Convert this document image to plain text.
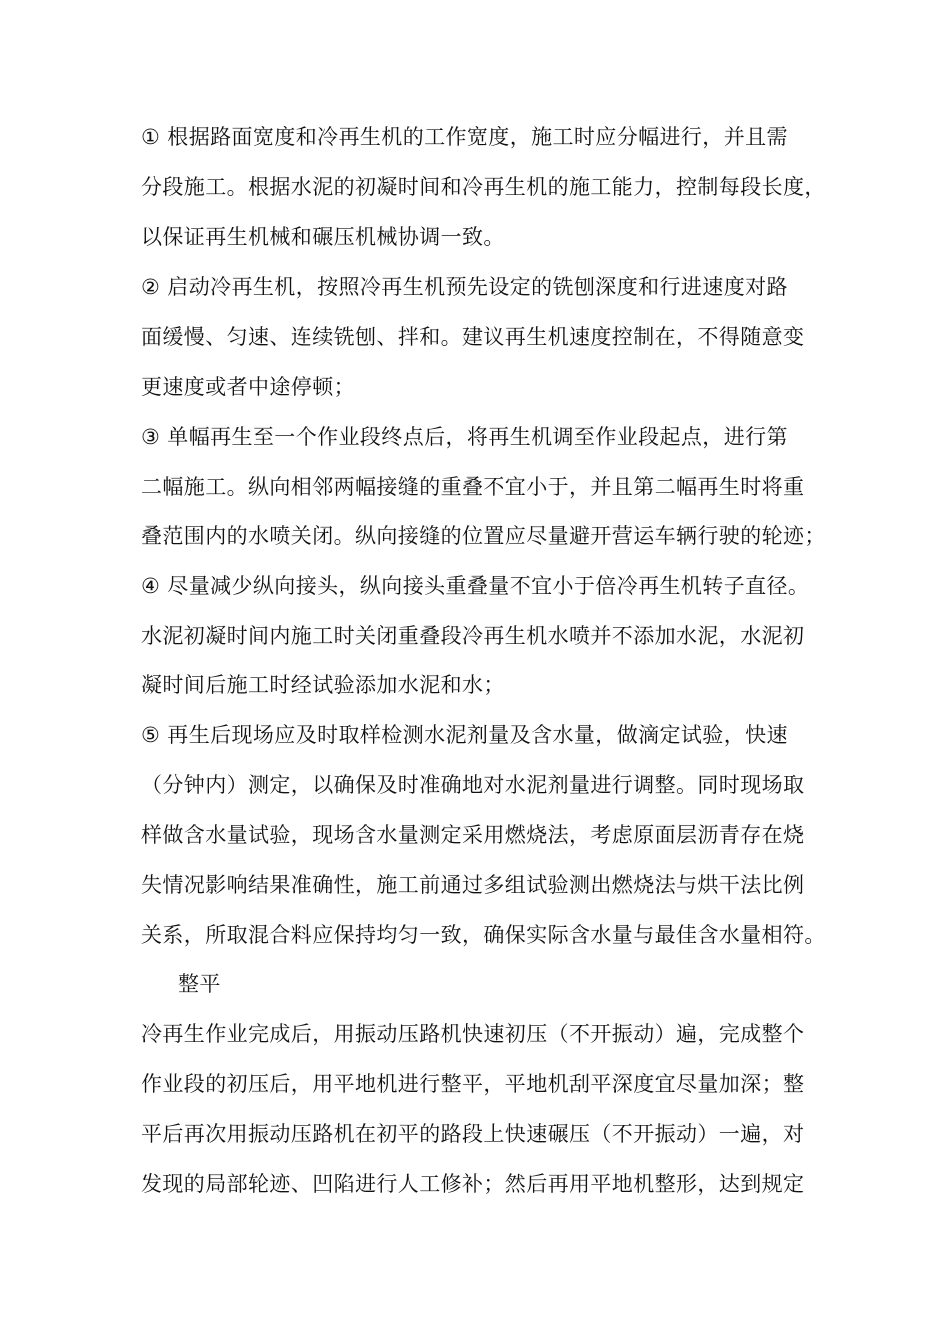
① 根据路面宽度和冷再生机的工作宽度，施工时应分幅进行，并且需
分段施工。根据水泥的初凝时间和冷再生机的施工能力，控制每段长度，
以保证再生机械和碾压机械协调一致。
② 启动冷再生机，按照冷再生机预先设定的铣刨深度和行进速度对路
面缓慢、匀速、连续铣刨、拌和。建议再生机速度控制在，不得随意变
更速度或者中途停顿；
③ 单幅再生至一个作业段终点后，将再生机调至作业段起点，进行第
二幅施工。纵向相邻两幅接缝的重叠不宜小于，并且第二幅再生时将重
叠范围内的水喷关闭。纵向接缝的位置应尽量避开营运车辆行驶的轮迹；
④ 尽量减少纵向接头，纵向接头重叠量不宜小于倍冷再生机转子直径。
水泥初凝时间内施工时关闭重叠段冷再生机水喷并不添加水泥，水泥初
凝时间后施工时经试验添加水泥和水；
⑤ 再生后现场应及时取样检测水泥剂量及含水量，做滴定试验，快速
（分钟内）测定，以确保及时准确地对水泥剂量进行调整。同时现场取
样做含水量试验，现场含水量测定采用燃烧法，考虑原面层沥青存在烧
失情况影响结果准确性，施工前通过多组试验测出燃烧法与烘干法比例
关系，所取混合料应保持均匀一致，确保实际含水量与最佳含水量相符。
整平
冷再生作业完成后，用振动压路机快速初压（不开振动）遍，完成整个
作业段的初压后，用平地机进行整平，平地机刮平深度宜尽量加深；整
平后再次用振动压路机在初平的路段上快速碾压（不开振动）一遍，对
发现的局部轮迹、凹陷进行人工修补；然后再用平地机整形，达到规定
